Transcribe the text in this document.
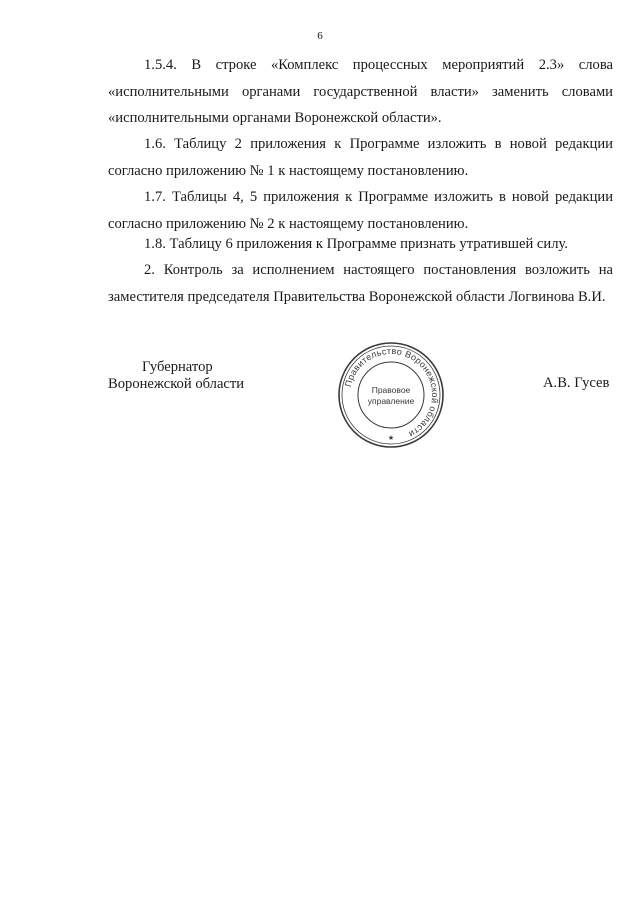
6
1.5.4. В строке «Комплекс процессных мероприятий 2.3» слова «исполнительными органами государственной власти» заменить словами «исполнительными органами Воронежской области».
1.6. Таблицу 2 приложения к Программе изложить в новой редакции согласно приложению № 1 к настоящему постановлению.
1.7. Таблицы 4, 5 приложения к Программе изложить в новой редакции согласно приложению № 2 к настоящему постановлению.
1.8. Таблицу 6 приложения к Программе признать утратившей силу.
2. Контроль за исполнением настоящего постановления возложить на заместителя председателя Правительства Воронежской области Логвинова В.И.
Губернатор
Воронежской области	А.В. Гусев
Правительство Воронежской области
Правовое
управление
★
